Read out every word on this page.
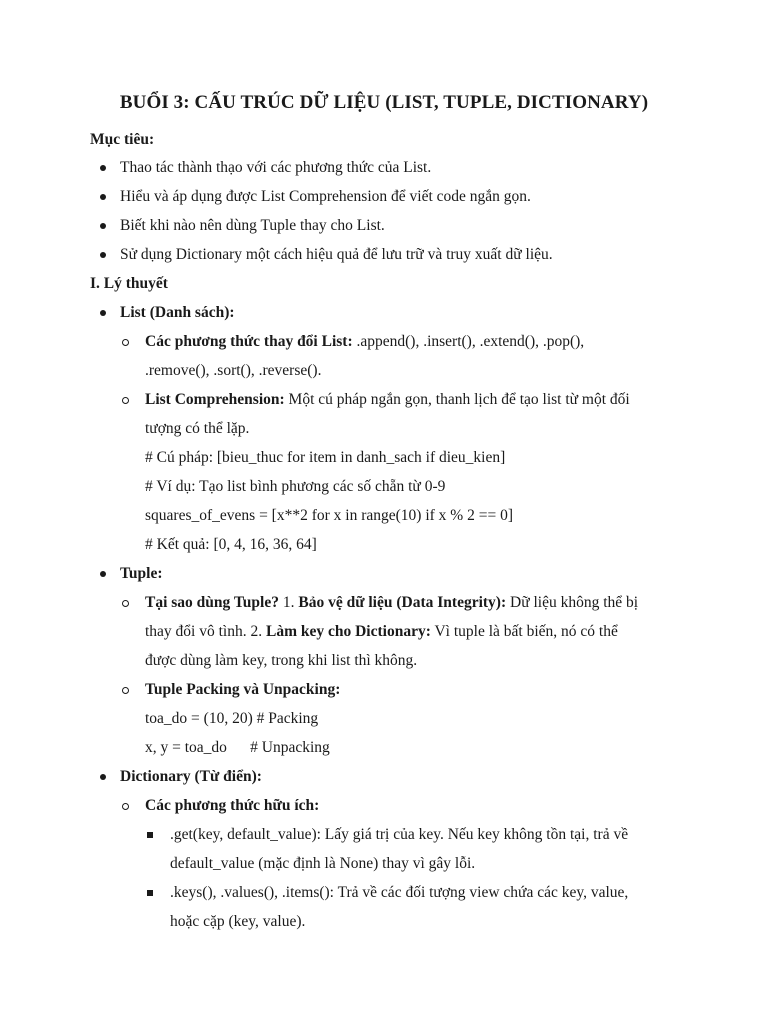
BUỔI 3: CẤU TRÚC DỮ LIỆU (LIST, TUPLE, DICTIONARY)
Mục tiêu:
Thao tác thành thạo với các phương thức của List.
Hiểu và áp dụng được List Comprehension để viết code ngắn gọn.
Biết khi nào nên dùng Tuple thay cho List.
Sử dụng Dictionary một cách hiệu quả để lưu trữ và truy xuất dữ liệu.
I. Lý thuyết
List (Danh sách):
Các phương thức thay đổi List: .append(), .insert(), .extend(), .pop(),
.remove(), .sort(), .reverse().
List Comprehension: Một cú pháp ngắn gọn, thanh lịch để tạo list từ một đối
tượng có thể lặp.
# Cú pháp: [bieu_thuc for item in danh_sach if dieu_kien]
# Ví dụ: Tạo list bình phương các số chẵn từ 0-9
squares_of_evens = [x**2 for x in range(10) if x % 2 == 0]
# Kết quả: [0, 4, 16, 36, 64]
Tuple:
Tại sao dùng Tuple? 1. Bảo vệ dữ liệu (Data Integrity): Dữ liệu không thể bị
thay đổi vô tình. 2. Làm key cho Dictionary: Vì tuple là bất biến, nó có thể
được dùng làm key, trong khi list thì không.
Tuple Packing và Unpacking:
toa_do = (10, 20) # Packing
x, y = toa_do      # Unpacking
Dictionary (Từ điển):
Các phương thức hữu ích:
.get(key, default_value): Lấy giá trị của key. Nếu key không tồn tại, trả về
default_value (mặc định là None) thay vì gây lỗi.
.keys(), .values(), .items(): Trả về các đối tượng view chứa các key, value,
hoặc cặp (key, value).
